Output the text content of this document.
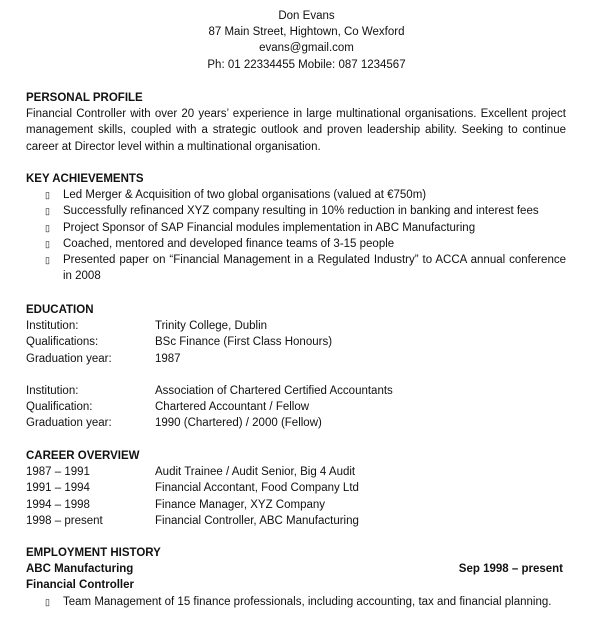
Don Evans
87 Main Street, Hightown, Co Wexford
evans@gmail.com
Ph: 01 22334455 Mobile: 087 1234567
PERSONAL PROFILE
Financial Controller with over 20 years’ experience in large multinational organisations. Excellent project management skills, coupled with a strategic outlook and proven leadership ability. Seeking to continue career at Director level within a multinational organisation.
KEY ACHIEVEMENTS
▯ Led Merger & Acquisition of two global organisations (valued at €750m)
▯ Successfully refinanced XYZ company resulting in 10% reduction in banking and interest fees
▯ Project Sponsor of SAP Financial modules implementation in ABC Manufacturing
▯ Coached, mentored and developed finance teams of 3-15 people
▯ Presented paper on “Financial Management in a Regulated Industry” to ACCA annual conference in 2008
EDUCATION
Institution:	Trinity College, Dublin
Qualifications:	BSc Finance (First Class Honours)
Graduation year:	1987
Institution:	Association of Chartered Certified Accountants
Qualification:	Chartered Accountant / Fellow
Graduation year:	1990 (Chartered) / 2000 (Fellow)
CAREER OVERVIEW
1987 – 1991	Audit Trainee / Audit Senior, Big 4 Audit
1991 – 1994	Financial Accontant, Food Company Ltd
1994 – 1998	Finance Manager, XYZ Company
1998 – present	Financial Controller, ABC Manufacturing
EMPLOYMENT HISTORY
ABC Manufacturing	Sep 1998 – present
Financial Controller
▯ Team Management of 15 finance professionals, including accounting, tax and financial planning.
